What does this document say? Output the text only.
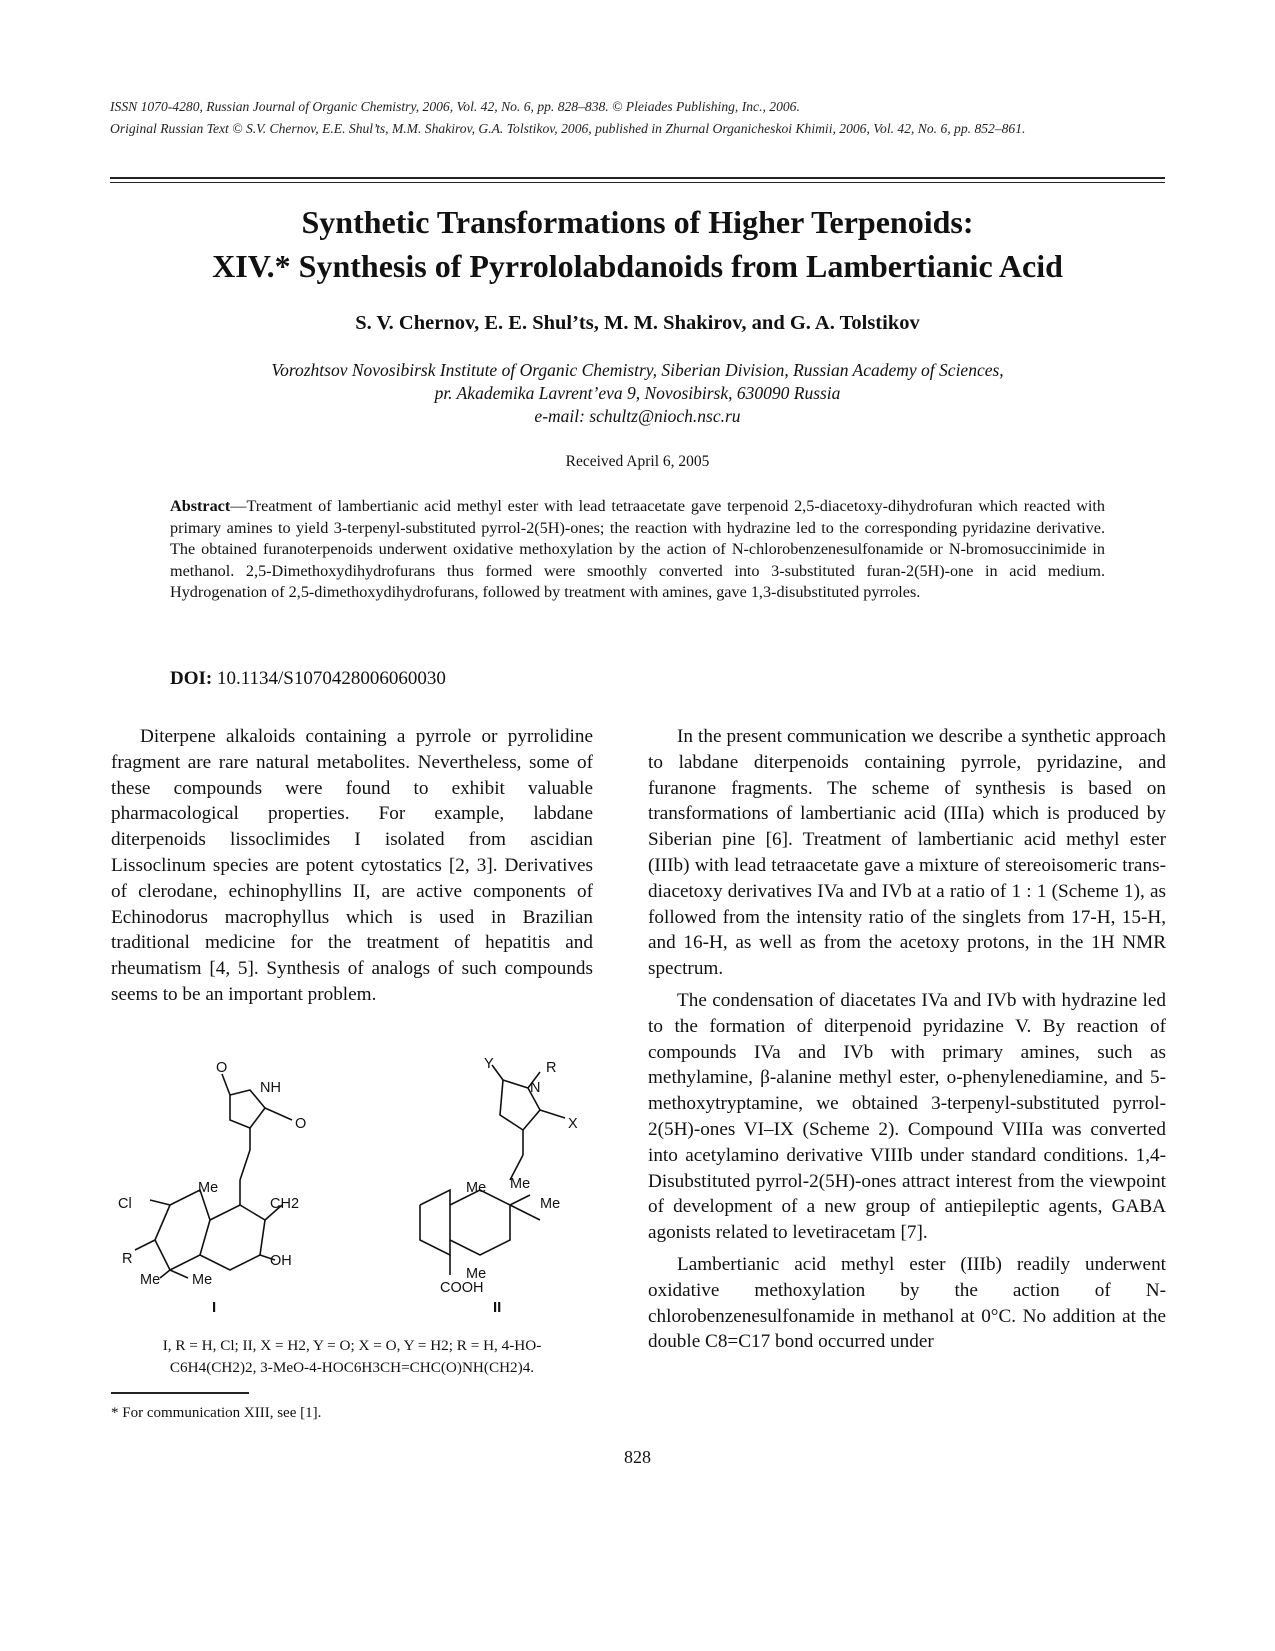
ISSN 1070-4280, Russian Journal of Organic Chemistry, 2006, Vol. 42, No. 6, pp. 828–838. © Pleiades Publishing, Inc., 2006.
Original Russian Text © S.V. Chernov, E.E. Shul’ts, M.M. Shakirov, G.A. Tolstikov, 2006, published in Zhurnal Organicheskoi Khimii, 2006, Vol. 42, No. 6, pp. 852–861.
Synthetic Transformations of Higher Terpenoids:
XIV.* Synthesis of Pyrrololabdanoids from Lambertianic Acid
S. V. Chernov, E. E. Shul’ts, M. M. Shakirov, and G. A. Tolstikov
Vorozhtsov Novosibirsk Institute of Organic Chemistry, Siberian Division, Russian Academy of Sciences,
pr. Akademika Lavrent’eva 9, Novosibirsk, 630090 Russia
e-mail: schultz@nioch.nsc.ru
Received April 6, 2005
Abstract—Treatment of lambertianic acid methyl ester with lead tetraacetate gave terpenoid 2,5-diacetoxy-dihydrofuran which reacted with primary amines to yield 3-terpenyl-substituted pyrrol-2(5H)-ones; the reaction with hydrazine led to the corresponding pyridazine derivative. The obtained furanoterpenoids underwent oxidative methoxylation by the action of N-chlorobenzenesulfonamide or N-bromosuccinimide in methanol. 2,5-Dimethoxydihydrofurans thus formed were smoothly converted into 3-substituted furan-2(5H)-one in acid medium. Hydrogenation of 2,5-dimethoxydihydrofurans, followed by treatment with amines, gave 1,3-disubstituted pyrroles.
DOI: 10.1134/S1070428006060030

Diterpene alkaloids containing a pyrrole or pyrrolidine fragment are rare natural metabolites. Nevertheless, some of these compounds were found to exhibit valuable pharmacological properties. For example, labdane diterpenoids lissoclimides I isolated from ascidian Lissoclinum species are potent cytostatics [2, 3]. Derivatives of clerodane, echinophyllins II, are active components of Echinodorus macrophyllus which is used in Brazilian traditional medicine for the treatment of hepatitis and rheumatism [4, 5]. Synthesis of analogs of such compounds seems to be an important problem.

O
NH
O
Me
CH2
Cl
R	OH
Me Me
I
Y
N
R
X
Me Me
Me
Me
COOH
II
I, R = H, Cl; II, X = H2, Y = O; X = O, Y = H2; R = H, 4-HO-
C6H4(CH2)2, 3-MeO-4-HOC6H3CH=CHC(O)NH(CH2)4.
* For communication XIII, see [1].

In the present communication we describe a synthetic approach to labdane diterpenoids containing pyrrole, pyridazine, and furanone fragments. The scheme of synthesis is based on transformations of lambertianic acid (IIIa) which is produced by Siberian pine [6]. Treatment of lambertianic acid methyl ester (IIIb) with lead tetraacetate gave a mixture of stereoisomeric trans-diacetoxy derivatives IVa and IVb at a ratio of 1 : 1 (Scheme 1), as followed from the intensity ratio of the singlets from 17-H, 15-H, and 16-H, as well as from the acetoxy protons, in the 1H NMR spectrum.

The condensation of diacetates IVa and IVb with hydrazine led to the formation of diterpenoid pyridazine V. By reaction of compounds IVa and IVb with primary amines, such as methylamine, β-alanine methyl ester, o-phenylenediamine, and 5-methoxytryptamine, we obtained 3-terpenyl-substituted pyrrol-2(5H)-ones VI–IX (Scheme 2). Compound VIIIa was converted into acetylamino derivative VIIIb under standard conditions. 1,4-Disubstituted pyrrol-2(5H)-ones attract interest from the viewpoint of development of a new group of antiepileptic agents, GABA agonists related to levetiracetam [7].

Lambertianic acid methyl ester (IIIb) readily underwent oxidative methoxylation by the action of N-chlorobenzenesulfonamide in methanol at 0°C. No addition at the double C8=C17 bond occurred under

828
